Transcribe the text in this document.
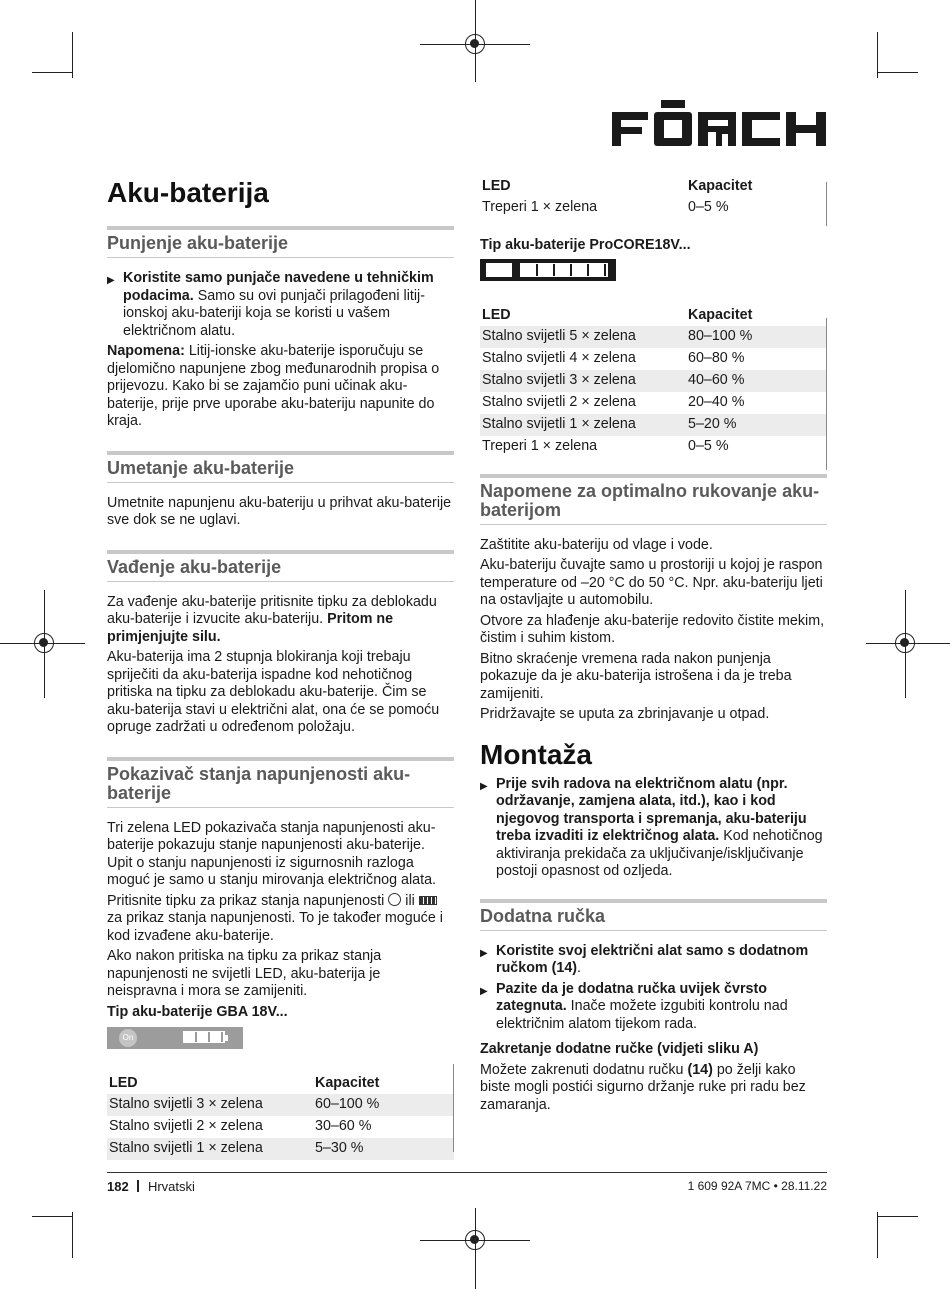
Aku-baterija
Punjenje aku-baterije

▶ Koristite samo punjače navedene u tehničkim podacima. Samo su ovi punjači prilagođeni litij-ionskoj aku-bateriji koja se koristi u vašem električnom alatu.

Napomena: Litij-ionske aku-baterije isporučuju se djelomično napunjene zbog međunarodnih propisa o prijevozu. Kako bi se zajamčio puni učinak aku-baterije, prije prve uporabe aku-bateriju napunite do kraja.

Umetanje aku-baterije

Umetnite napunjenu aku-bateriju u prihvat aku-baterije sve dok se ne uglavi.

Vađenje aku-baterije

Za vađenje aku-baterije pritisnite tipku za deblokadu aku-baterije i izvucite aku-bateriju. Pritom ne primjenjujte silu.

Aku-baterija ima 2 stupnja blokiranja koji trebaju spriječiti da aku-baterija ispadne kod nehotičnog pritiska na tipku za deblokadu aku-baterije. Čim se aku-baterija stavi u električni alat, ona će se pomoću opruge zadržati u određenom položaju.

Pokazivač stanja napunjenosti aku-baterije

Tri zelena LED pokazivača stanja napunjenosti aku-baterije pokazuju stanje napunjenosti aku-baterije. Upit o stanju napunjenosti iz sigurnosnih razloga moguć je samo u stanju mirovanja električnog alata.

Pritisnite tipku za prikaz stanja napunjenosti  ili  za prikaz stanja napunjenosti. To je također moguće i kod izvađene aku-baterije.

Ako nakon pritiska na tipku za prikaz stanja napunjenosti ne svijetli LED, aku-baterija je neispravna i mora se zamijeniti.

Tip aku-baterije GBA 18V...

On
LED	Kapacitet
Stalno svijetli 3 × zelena	60–100 %
Stalno svijetli 2 × zelena	30–60 %
Stalno svijetli 1 × zelena	5–30 %
LED	Kapacitet
Treperi 1 × zelena	0–5 %

Tip aku-baterije ProCORE18V...

LED	Kapacitet
Stalno svijetli 5 × zelena	80–100 %
Stalno svijetli 4 × zelena	60–80 %
Stalno svijetli 3 × zelena	40–60 %
Stalno svijetli 2 × zelena	20–40 %
Stalno svijetli 1 × zelena	5–20 %
Treperi 1 × zelena	0–5 %
Napomene za optimalno rukovanje aku-baterijom

Zaštitite aku-bateriju od vlage i vode.

Aku-bateriju čuvajte samo u prostoriji u kojoj je raspon temperature od –20 °C do 50 °C. Npr. aku-bateriju ljeti na ostavljajte u automobilu.

Otvore za hlađenje aku-baterije redovito čistite mekim, čistim i suhim kistom.

Bitno skraćenje vremena rada nakon punjenja pokazuje da je aku-baterija istrošena i da je treba zamijeniti.

Pridržavajte se uputa za zbrinjavanje u otpad.

Montaža

▶ Prije svih radova na električnom alatu (npr. održavanje, zamjena alata, itd.), kao i kod njegovog transporta i spremanja, aku-bateriju treba izvaditi iz električnog alata. Kod nehotičnog aktiviranja prekidača za uključivanje/isključivanje postoji opasnost od ozljeda.

Dodatna ručka

▶ Koristite svoj električni alat samo s dodatnom ručkom (14).

▶ Pazite da je dodatna ručka uvijek čvrsto zategnuta. Inače možete izgubiti kontrolu nad električnim alatom tijekom rada.

Zakretanje dodatne ručke (vidjeti sliku A)

Možete zakrenuti dodatnu ručku (14) po želji kako biste mogli postići sigurno držanje ruke pri radu bez zamaranja.

182 Hrvatski	1 609 92A 7MC • 28.11.22
